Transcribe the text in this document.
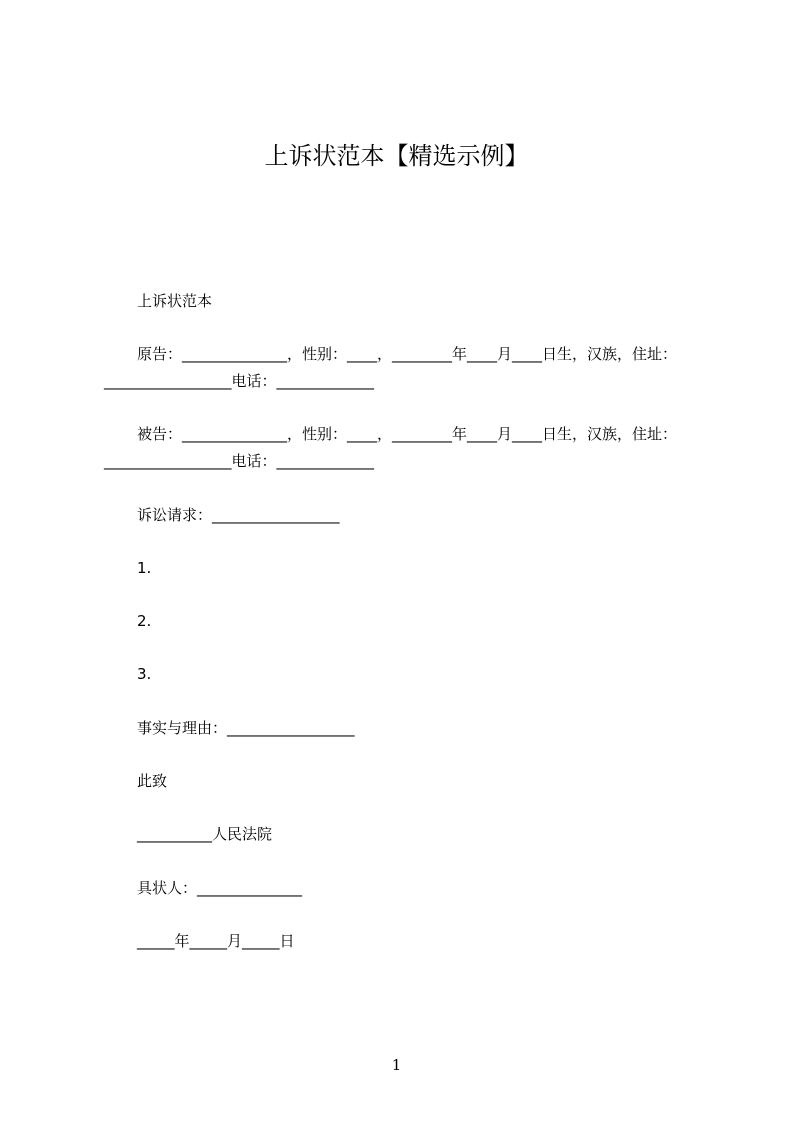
上诉状范本【精选示例】
上诉状范本
原告：______________，性别：____，________年____月____日生，汉族，住址：
_________________电话：_____________
被告：______________，性别：____，________年____月____日生，汉族，住址：
_________________电话：_____________
诉讼请求：_________________
1.
2.
3.
事实与理由：_________________
此致
__________人民法院
具状人：______________
_____年_____月_____日
1
